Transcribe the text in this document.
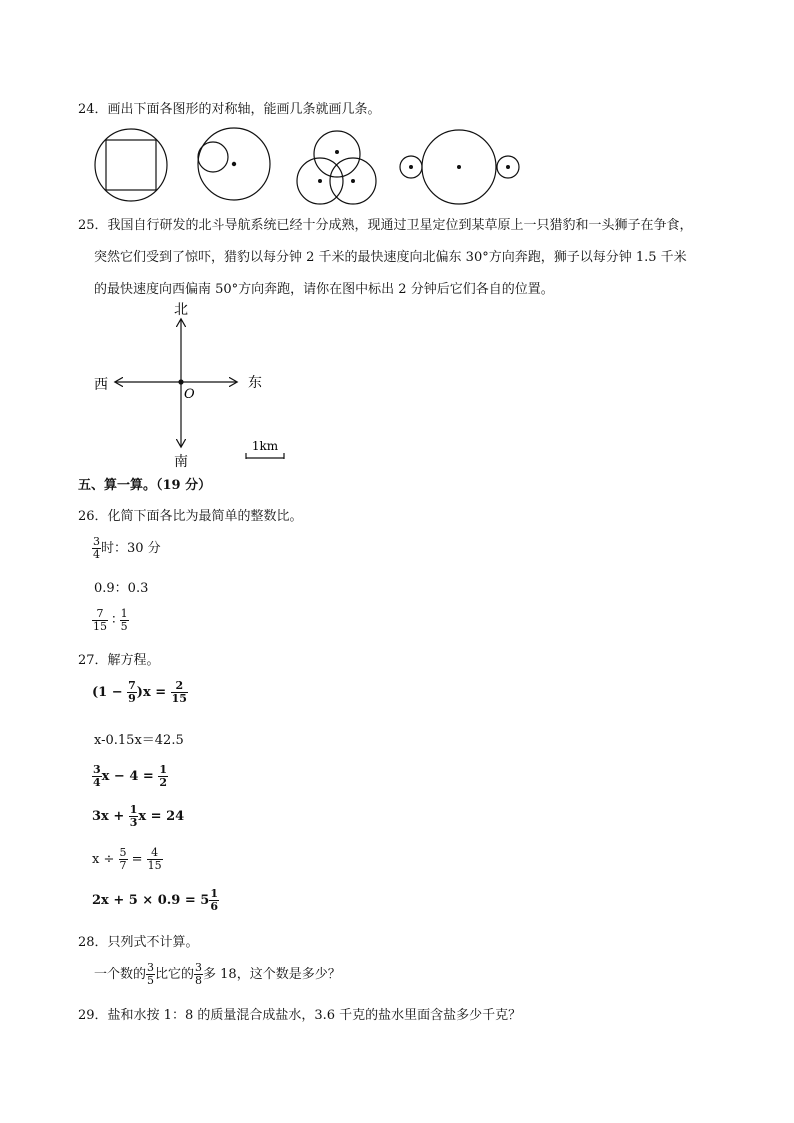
24．画出下面各图形的对称轴，能画几条就画几条。
25．我国自行研发的北斗导航系统已经十分成熟，现通过卫星定位到某草原上一只猎豹和一头狮子在争食，
突然它们受到了惊吓，猎豹以每分钟 2 千米的最快速度向北偏东 30°方向奔跑，狮子以每分钟 1.5 千米
的最快速度向西偏南 50°方向奔跑，请你在图中标出 2 分钟后它们各自的位置。
北
南
东
西
O
1km
五、算一算。（19 分）
26．化简下面各比为最简单的整数比。
$\frac{3}{4}$ 时：30 分
0.9：0.3
$\frac{7}{15}$ ∶ $\frac{1}{5}$
27．解方程。
$(1 - \frac{7}{9} )x = \frac{2}{15}$
x-0.15x＝42.5
$\frac{3}{4}$ $x - 4 = \frac{1}{2}$
$3x + \frac{1}{3}$ x = 24
$x \div \frac{5}{7} = \frac{4}{15}$
$2x + 5 \times 0.9 = 5 \frac{1}{6}$
28．只列式不计算。
一个数的 $\frac{3}{5}$ 比它的 $\frac{3}{8}$ 多 18，这个数是多少？
29．盐和水按 1：8 的质量混合成盐水，3.6 千克的盐水里面含盐多少千克？
